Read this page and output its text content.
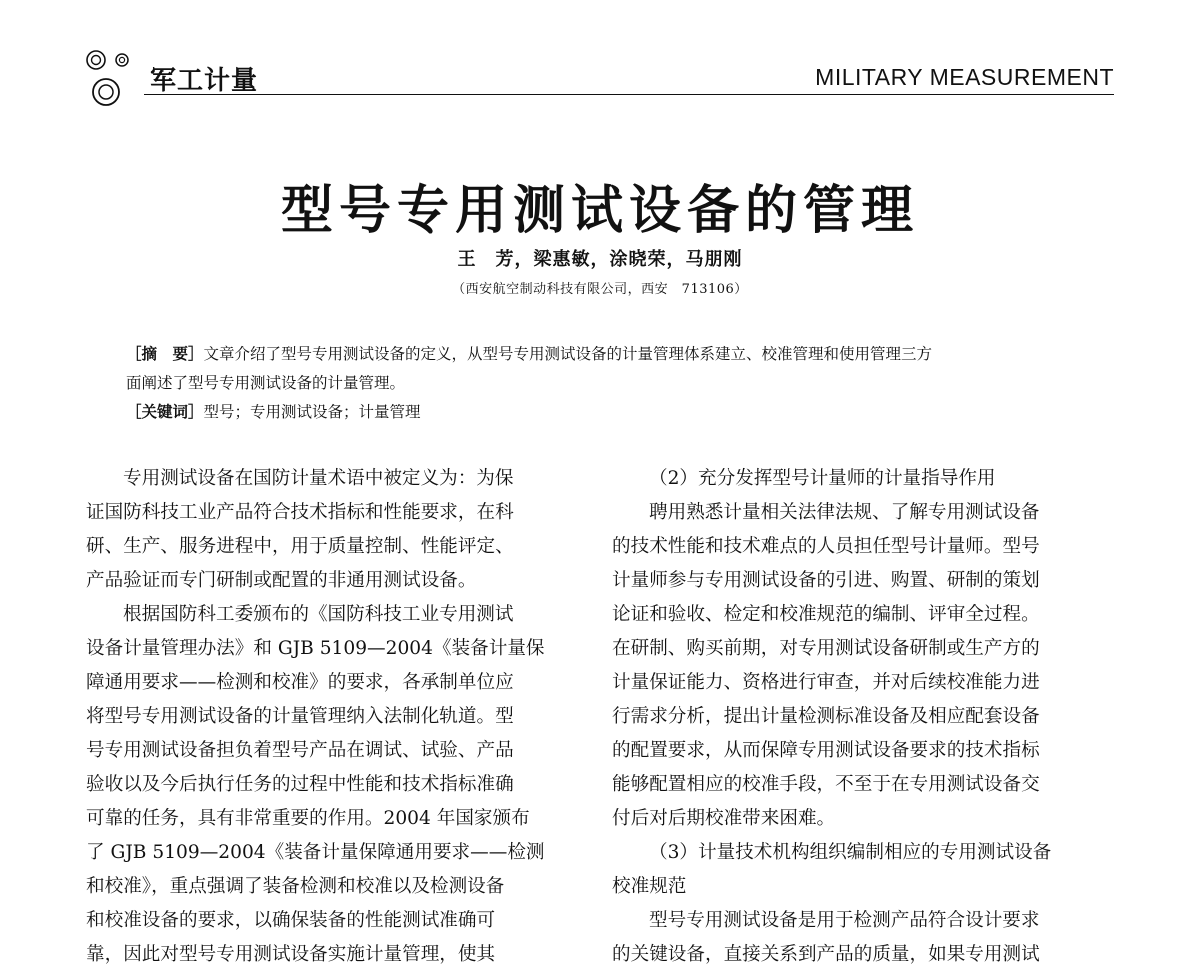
军工计量	MILITARY MEASUREMENT
型号专用测试设备的管理
王　芳，梁惠敏，涂晓荣，马朋刚
（西安航空制动科技有限公司，西安　713106）
［摘　要］文章介绍了型号专用测试设备的定义，从型号专用测试设备的计量管理体系建立、校准管理和使用管理三方
面阐述了型号专用测试设备的计量管理。
［关键词］型号；专用测试设备；计量管理

专用测试设备在国防计量术语中被定义为：为保
证国防科技工业产品符合技术指标和性能要求，在科
研、生产、服务进程中，用于质量控制、性能评定、
产品验证而专门研制或配置的非通用测试设备。

根据国防科工委颁布的《国防科技工业专用测试
设备计量管理办法》和 GJB 5109—2004《装备计量保
障通用要求——检测和校准》的要求，各承制单位应
将型号专用测试设备的计量管理纳入法制化轨道。型
号专用测试设备担负着型号产品在调试、试验、产品
验收以及今后执行任务的过程中性能和技术指标准确
可靠的任务，具有非常重要的作用。2004 年国家颁布
了 GJB 5109—2004《装备计量保障通用要求——检测
和校准》，重点强调了装备检测和校准以及检测设备
和校准设备的要求，以确保装备的性能测试准确可
靠，因此对型号专用测试设备实施计量管理，使其

（2）充分发挥型号计量师的计量指导作用

聘用熟悉计量相关法律法规、了解专用测试设备
的技术性能和技术难点的人员担任型号计量师。型号
计量师参与专用测试设备的引进、购置、研制的策划
论证和验收、检定和校准规范的编制、评审全过程。
在研制、购买前期，对专用测试设备研制或生产方的
计量保证能力、资格进行审查，并对后续校准能力进
行需求分析，提出计量检测标准设备及相应配套设备
的配置要求，从而保障专用测试设备要求的技术指标
能够配置相应的校准手段，不至于在专用测试设备交
付后对后期校准带来困难。

（3）计量技术机构组织编制相应的专用测试设备
校准规范

型号专用测试设备是用于检测产品符合设计要求
的关键设备，直接关系到产品的质量，如果专用测试
